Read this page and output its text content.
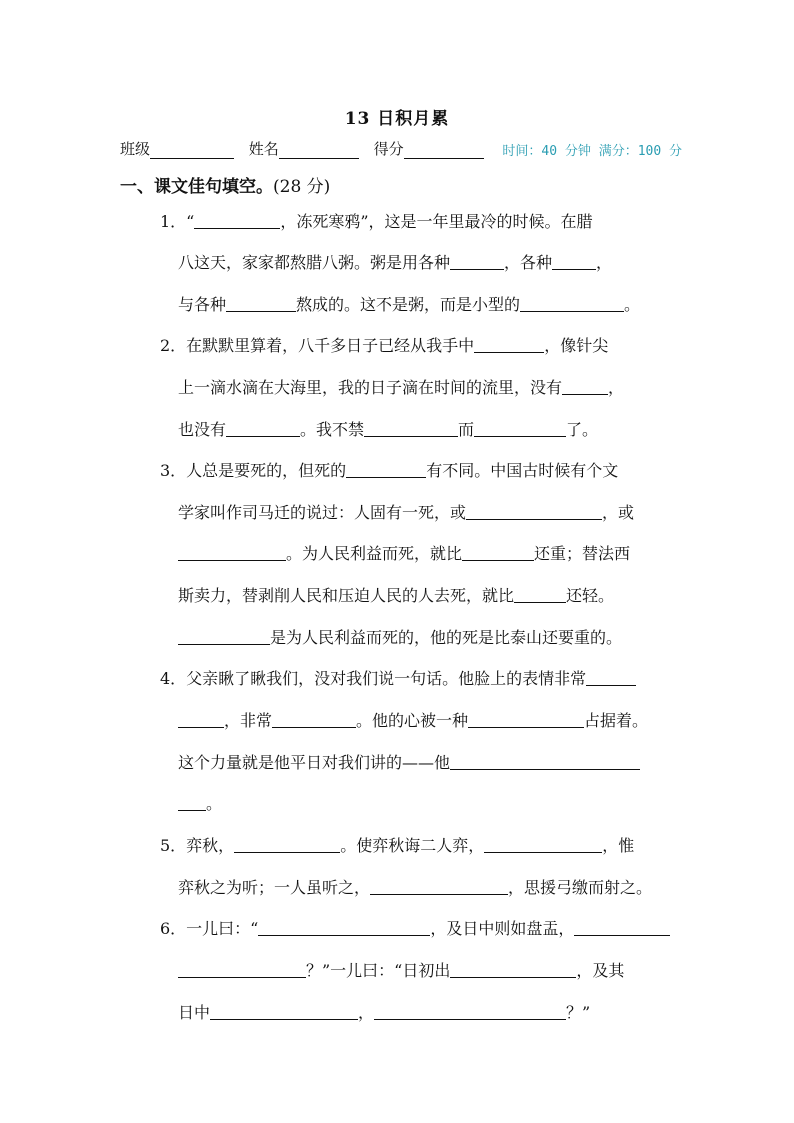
13 日积月累
班级	姓名	得分	时间：40 分钟 满分：100 分
一、课文佳句填空。(28 分)
1．“	，冻死寒鸦”，这是一年里最冷的时候。在腊
八这天，家家都熬腊八粥。粥是用各种	，各种	，
与各种	熬成的。这不是粥，而是小型的	。
2．在默默里算着，八千多日子已经从我手中	，像针尖
上一滴水滴在大海里，我的日子滴在时间的流里，没有	，
也没有	。我不禁	而	了。
3．人总是要死的，但死的	有不同。中国古时候有个文
学家叫作司马迁的说过：人固有一死，或	，或
。为人民利益而死，就比	还重；替法西
斯卖力，替剥削人民和压迫人民的人去死，就比	还轻。
是为人民利益而死的，他的死是比泰山还要重的。
4．父亲瞅了瞅我们，没对我们说一句话。他脸上的表情非常
，非常	。他的心被一种	占据着。
这个力量就是他平日对我们讲的——他
。
5．弈秋，	。使弈秋诲二人弈，	，惟
弈秋之为听；一人虽听之，	，思援弓缴而射之。
6．一儿曰：“	，及日中则如盘盂，
？”一儿曰：“日初出	，及其
日中	，	？”
